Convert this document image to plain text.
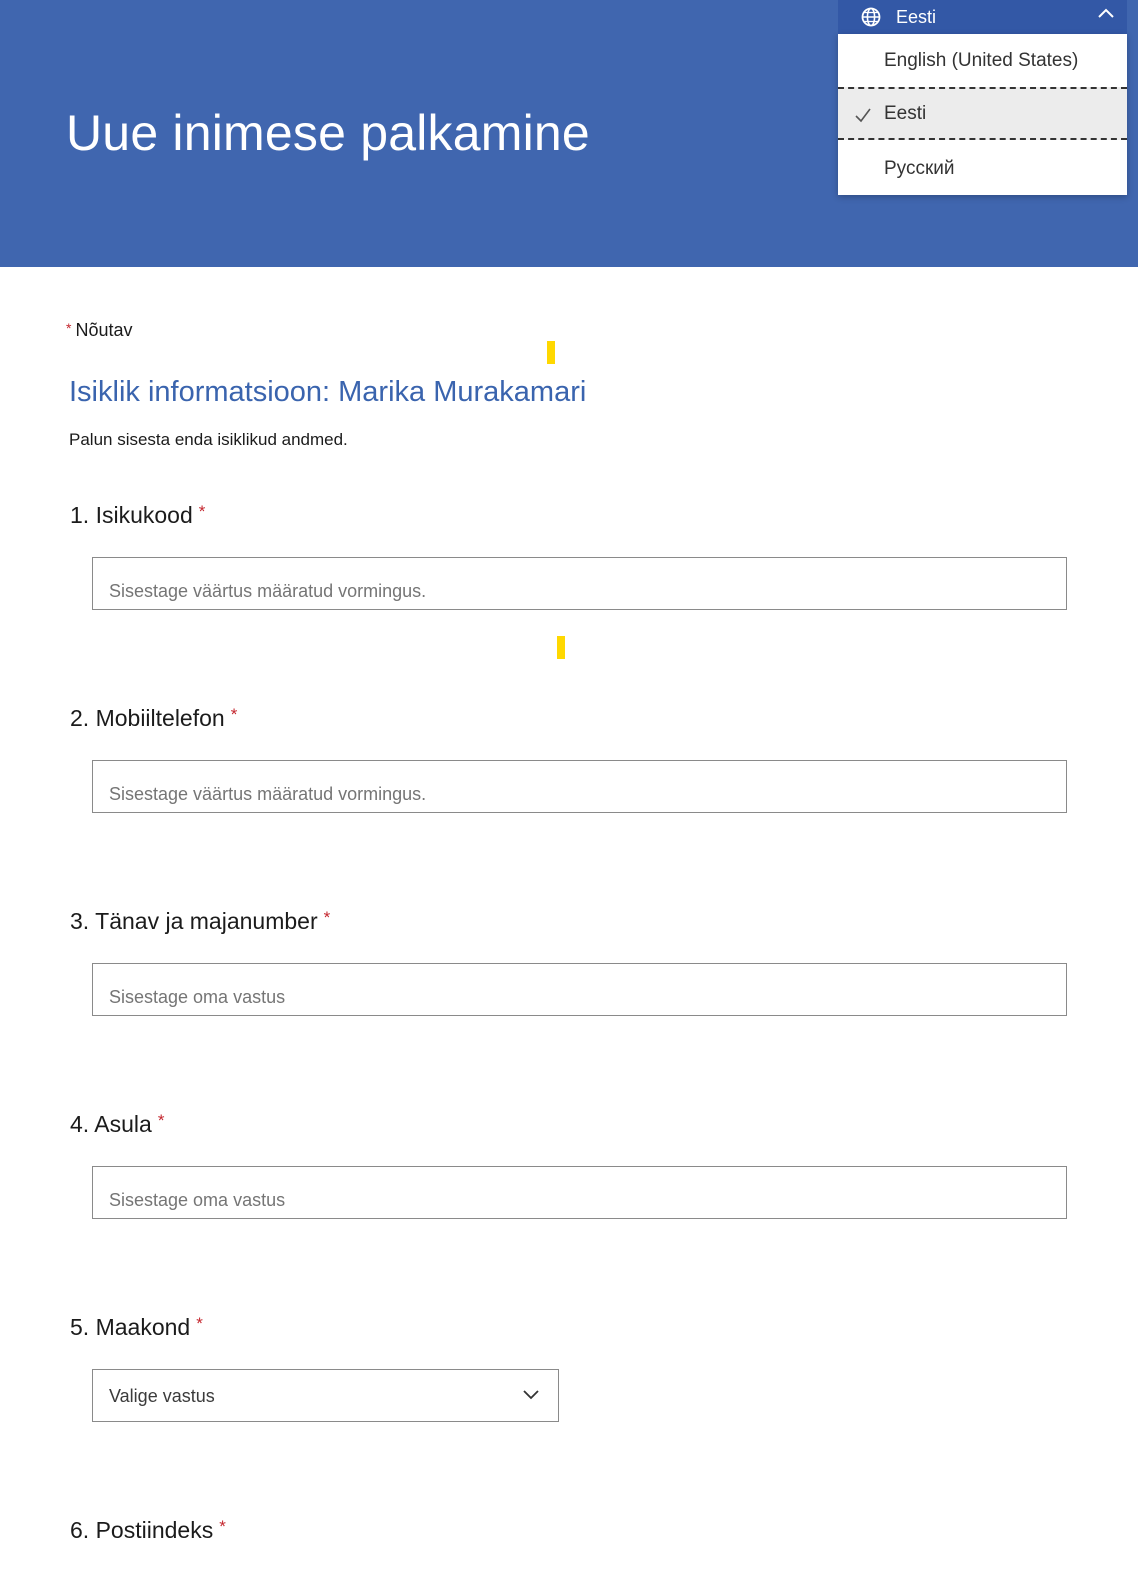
Uue inimese palkamine
Eesti
English (United States)
Eesti
Русский
* Nõutav
Isiklik informatsioon: Marika Murakamari
Palun sisesta enda isiklikud andmed.
1. Isikukood *
Sisestage väärtus määratud vormingus.
2. Mobiiltelefon *
Sisestage väärtus määratud vormingus.
3. Tänav ja majanumber *
Sisestage oma vastus
4. Asula *
Sisestage oma vastus
5. Maakond *
Valige vastus
6. Postiindeks *
